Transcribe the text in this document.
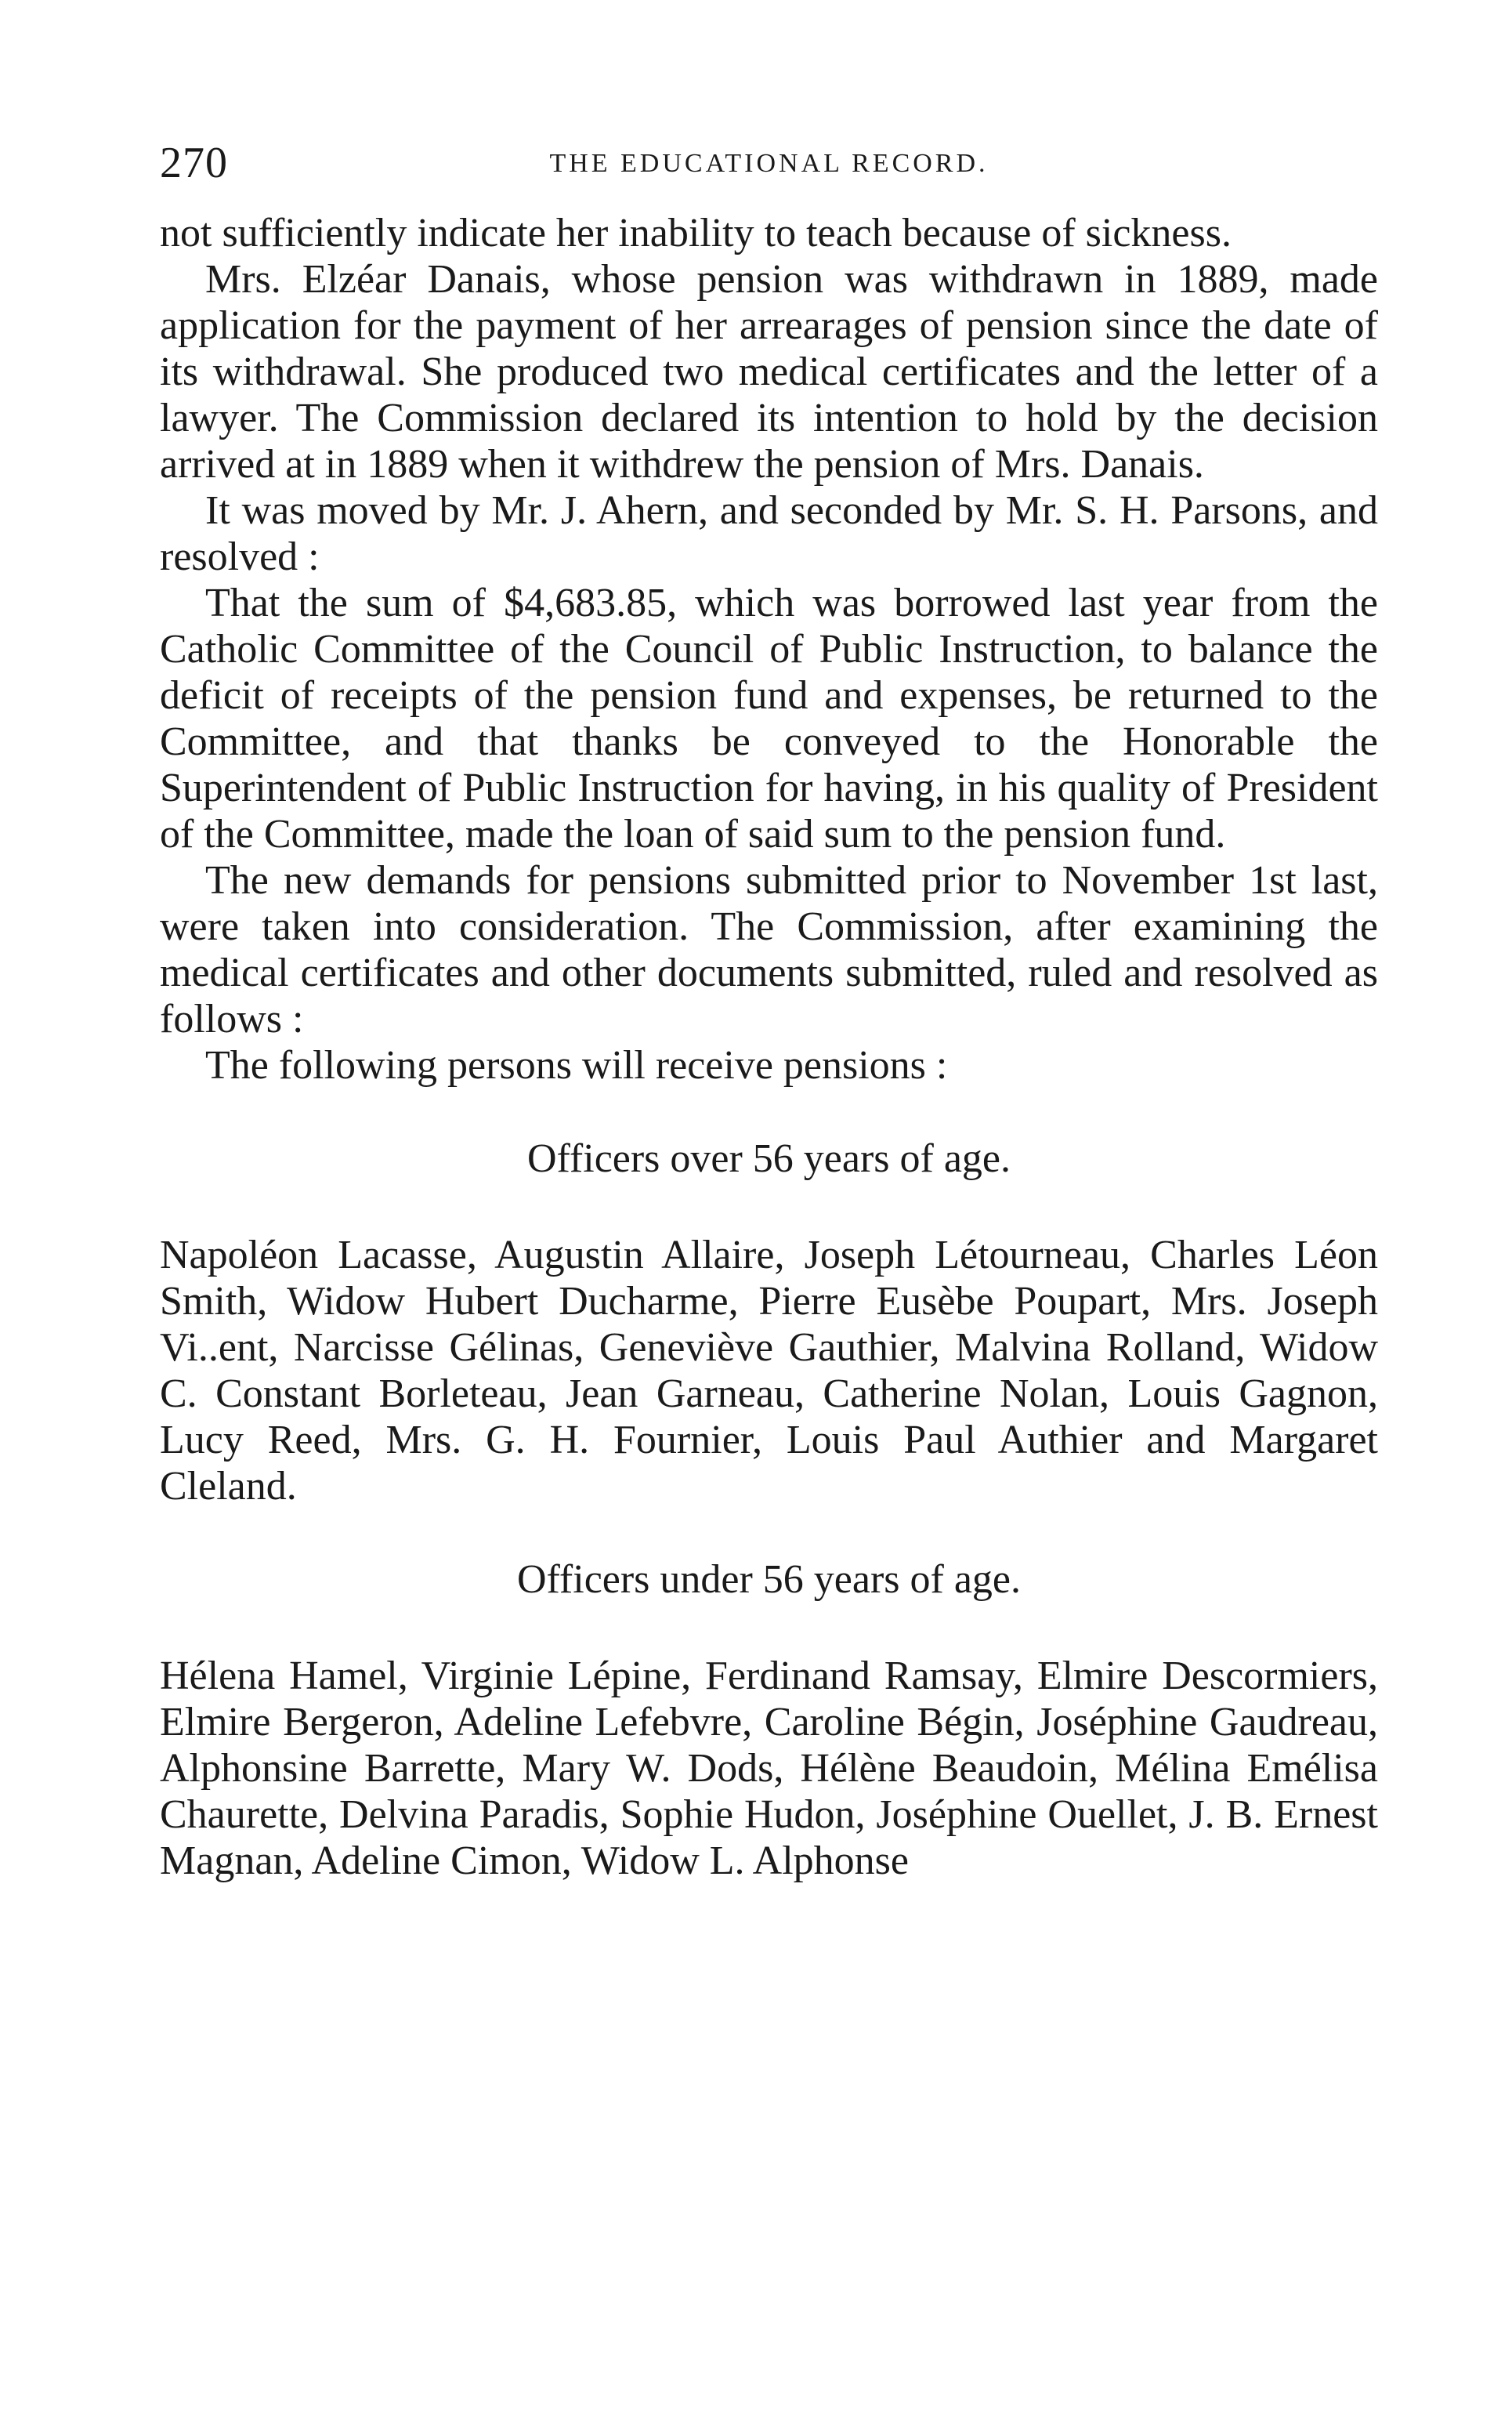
270	THE EDUCATIONAL RECORD.

not sufficiently indicate her inability to teach because of sickness.

Mrs. Elzéar Danais, whose pension was withdrawn in 1889, made application for the payment of her arrearages of pension since the date of its withdrawal. She produced two medical certificates and the letter of a lawyer. The Commission declared its intention to hold by the decision arrived at in 1889 when it withdrew the pension of Mrs. Danais.

It was moved by Mr. J. Ahern, and seconded by Mr. S. H. Parsons, and resolved :

That the sum of $4,683.85, which was borrowed last year from the Catholic Committee of the Council of Public Instruction, to balance the deficit of receipts of the pension fund and expenses, be returned to the Committee, and that thanks be conveyed to the Honorable the Superintendent of Public Instruction for having, in his quality of President of the Committee, made the loan of said sum to the pension fund.

The new demands for pensions submitted prior to November 1st last, were taken into consideration. The Commission, after examining the medical certificates and other documents submitted, ruled and resolved as follows :

The following persons will receive pensions :

Officers over 56 years of age.

Napoléon Lacasse, Augustin Allaire, Joseph Létourneau, Charles Léon Smith, Widow Hubert Ducharme, Pierre Eusèbe Poupart, Mrs. Joseph Vi..ent, Narcisse Gélinas, Geneviève Gauthier, Malvina Rolland, Widow C. Constant Borleteau, Jean Garneau, Catherine Nolan, Louis Gagnon, Lucy Reed, Mrs. G. H. Fournier, Louis Paul Authier and Margaret Cleland.

Officers under 56 years of age.

Hélena Hamel, Virginie Lépine, Ferdinand Ramsay, Elmire Descormiers, Elmire Bergeron, Adeline Lefebvre, Caroline Bégin, Joséphine Gaudreau, Alphonsine Barrette, Mary W. Dods, Hélène Beaudoin, Mélina Emélisa Chaurette, Delvina Paradis, Sophie Hudon, Joséphine Ouellet, J. B. Ernest Magnan, Adeline Cimon, Widow L. Alphonse
